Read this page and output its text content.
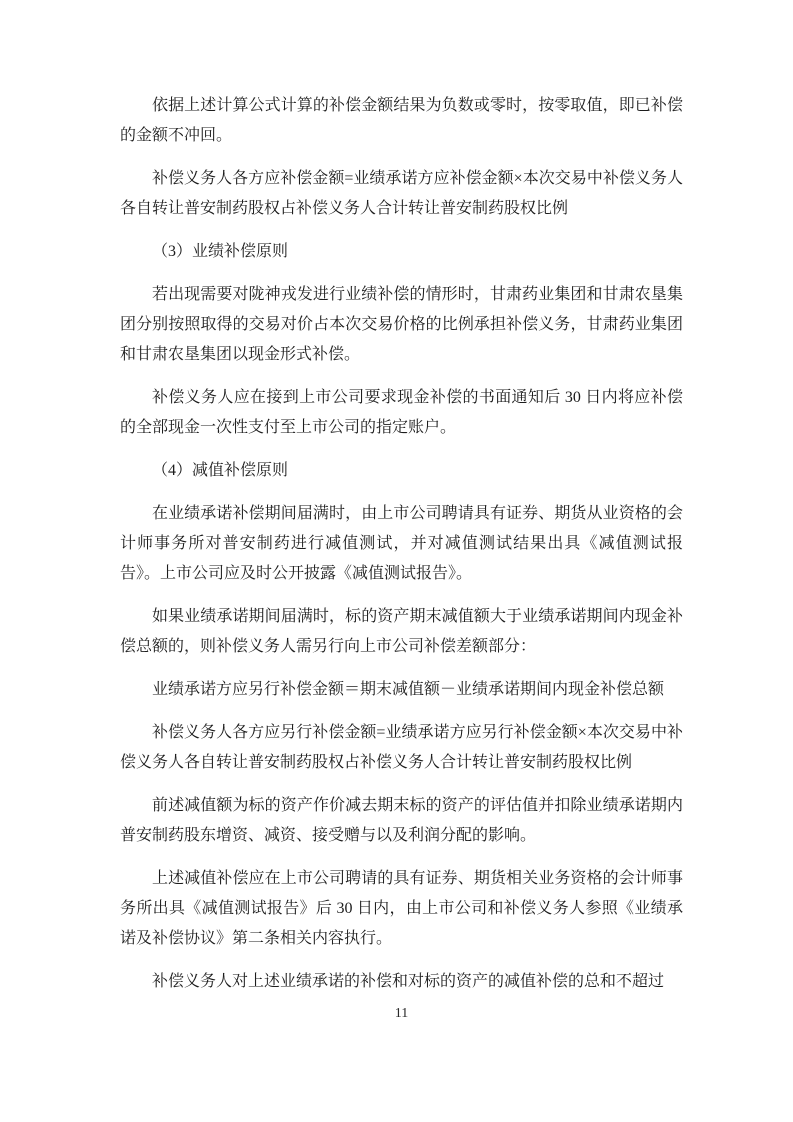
依据上述计算公式计算的补偿金额结果为负数或零时，按零取值，即已补偿的金额不冲回。

补偿义务人各方应补偿金额=业绩承诺方应补偿金额×本次交易中补偿义务人各自转让普安制药股权占补偿义务人合计转让普安制药股权比例

（3）业绩补偿原则

若出现需要对陇神戎发进行业绩补偿的情形时，甘肃药业集团和甘肃农垦集团分别按照取得的交易对价占本次交易价格的比例承担补偿义务，甘肃药业集团和甘肃农垦集团以现金形式补偿。

补偿义务人应在接到上市公司要求现金补偿的书面通知后 30 日内将应补偿的全部现金一次性支付至上市公司的指定账户。

（4）减值补偿原则

在业绩承诺补偿期间届满时，由上市公司聘请具有证券、期货从业资格的会计师事务所对普安制药进行减值测试，并对减值测试结果出具《减值测试报告》。上市公司应及时公开披露《减值测试报告》。

如果业绩承诺期间届满时，标的资产期末减值额大于业绩承诺期间内现金补偿总额的，则补偿义务人需另行向上市公司补偿差额部分：

业绩承诺方应另行补偿金额＝期末减值额－业绩承诺期间内现金补偿总额

补偿义务人各方应另行补偿金额=业绩承诺方应另行补偿金额×本次交易中补偿义务人各自转让普安制药股权占补偿义务人合计转让普安制药股权比例

前述减值额为标的资产作价减去期末标的资产的评估值并扣除业绩承诺期内普安制药股东增资、减资、接受赠与以及利润分配的影响。

上述减值补偿应在上市公司聘请的具有证券、期货相关业务资格的会计师事务所出具《减值测试报告》后 30 日内，由上市公司和补偿义务人参照《业绩承诺及补偿协议》第二条相关内容执行。

补偿义务人对上述业绩承诺的补偿和对标的资产的减值补偿的总和不超过

11
